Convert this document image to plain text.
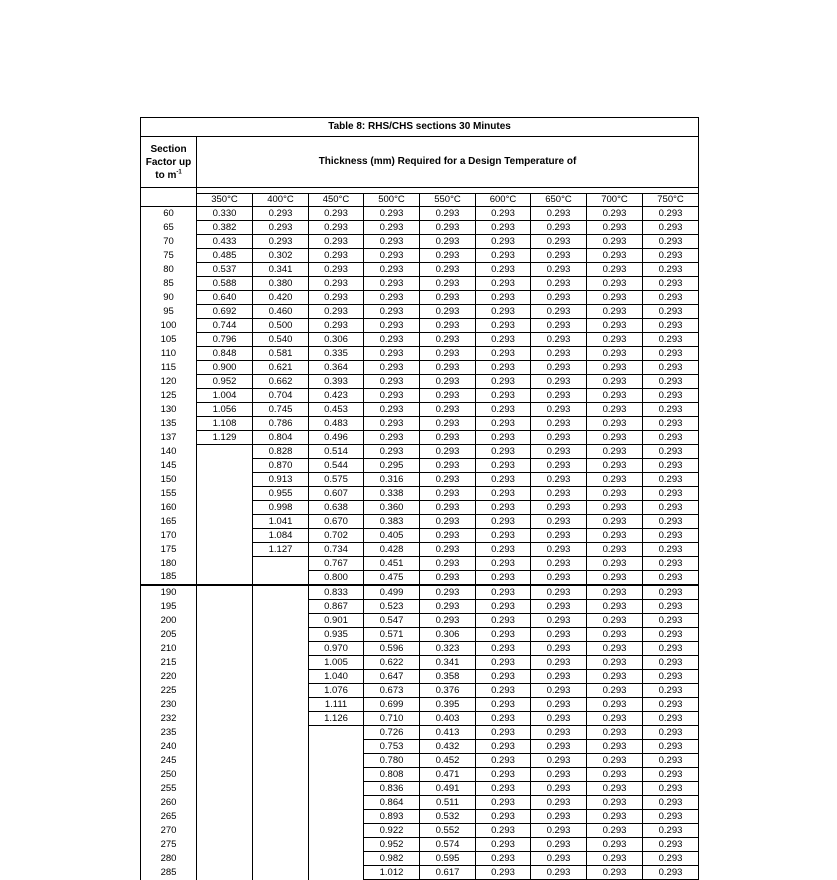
Table 8: RHS/CHS sections 30 Minutes									
Section Factor up to $m^{-1}$	Thickness (mm) Required for a Design Temperature of								

	350°C	400°C	450°C	500°C	550°C	600°C	650°C	700°C	750°C
60	0.330	0.293	0.293	0.293	0.293	0.293	0.293	0.293	0.293
65	0.382	0.293	0.293	0.293	0.293	0.293	0.293	0.293	0.293
70	0.433	0.293	0.293	0.293	0.293	0.293	0.293	0.293	0.293
75	0.485	0.302	0.293	0.293	0.293	0.293	0.293	0.293	0.293
80	0.537	0.341	0.293	0.293	0.293	0.293	0.293	0.293	0.293
85	0.588	0.380	0.293	0.293	0.293	0.293	0.293	0.293	0.293
90	0.640	0.420	0.293	0.293	0.293	0.293	0.293	0.293	0.293
95	0.692	0.460	0.293	0.293	0.293	0.293	0.293	0.293	0.293
100	0.744	0.500	0.293	0.293	0.293	0.293	0.293	0.293	0.293
105	0.796	0.540	0.306	0.293	0.293	0.293	0.293	0.293	0.293
110	0.848	0.581	0.335	0.293	0.293	0.293	0.293	0.293	0.293
115	0.900	0.621	0.364	0.293	0.293	0.293	0.293	0.293	0.293
120	0.952	0.662	0.393	0.293	0.293	0.293	0.293	0.293	0.293
125	1.004	0.704	0.423	0.293	0.293	0.293	0.293	0.293	0.293
130	1.056	0.745	0.453	0.293	0.293	0.293	0.293	0.293	0.293
135	1.108	0.786	0.483	0.293	0.293	0.293	0.293	0.293	0.293
137	1.129	0.804	0.496	0.293	0.293	0.293	0.293	0.293	0.293
140		0.828	0.514	0.293	0.293	0.293	0.293	0.293	0.293
145		0.870	0.544	0.295	0.293	0.293	0.293	0.293	0.293
150		0.913	0.575	0.316	0.293	0.293	0.293	0.293	0.293
155		0.955	0.607	0.338	0.293	0.293	0.293	0.293	0.293
160		0.998	0.638	0.360	0.293	0.293	0.293	0.293	0.293
165		1.041	0.670	0.383	0.293	0.293	0.293	0.293	0.293
170		1.084	0.702	0.405	0.293	0.293	0.293	0.293	0.293
175		1.127	0.734	0.428	0.293	0.293	0.293	0.293	0.293
180			0.767	0.451	0.293	0.293	0.293	0.293	0.293
185			0.800	0.475	0.293	0.293	0.293	0.293	0.293
190			0.833	0.499	0.293	0.293	0.293	0.293	0.293
195			0.867	0.523	0.293	0.293	0.293	0.293	0.293
200			0.901	0.547	0.293	0.293	0.293	0.293	0.293
205			0.935	0.571	0.306	0.293	0.293	0.293	0.293
210			0.970	0.596	0.323	0.293	0.293	0.293	0.293
215			1.005	0.622	0.341	0.293	0.293	0.293	0.293
220			1.040	0.647	0.358	0.293	0.293	0.293	0.293
225			1.076	0.673	0.376	0.293	0.293	0.293	0.293
230			1.111	0.699	0.395	0.293	0.293	0.293	0.293
232			1.126	0.710	0.403	0.293	0.293	0.293	0.293
235				0.726	0.413	0.293	0.293	0.293	0.293
240				0.753	0.432	0.293	0.293	0.293	0.293
245				0.780	0.452	0.293	0.293	0.293	0.293
250				0.808	0.471	0.293	0.293	0.293	0.293
255				0.836	0.491	0.293	0.293	0.293	0.293
260				0.864	0.511	0.293	0.293	0.293	0.293
265				0.893	0.532	0.293	0.293	0.293	0.293
270				0.922	0.552	0.293	0.293	0.293	0.293
275				0.952	0.574	0.293	0.293	0.293	0.293
280				0.982	0.595	0.293	0.293	0.293	0.293
285				1.012	0.617	0.293	0.293	0.293	0.293
